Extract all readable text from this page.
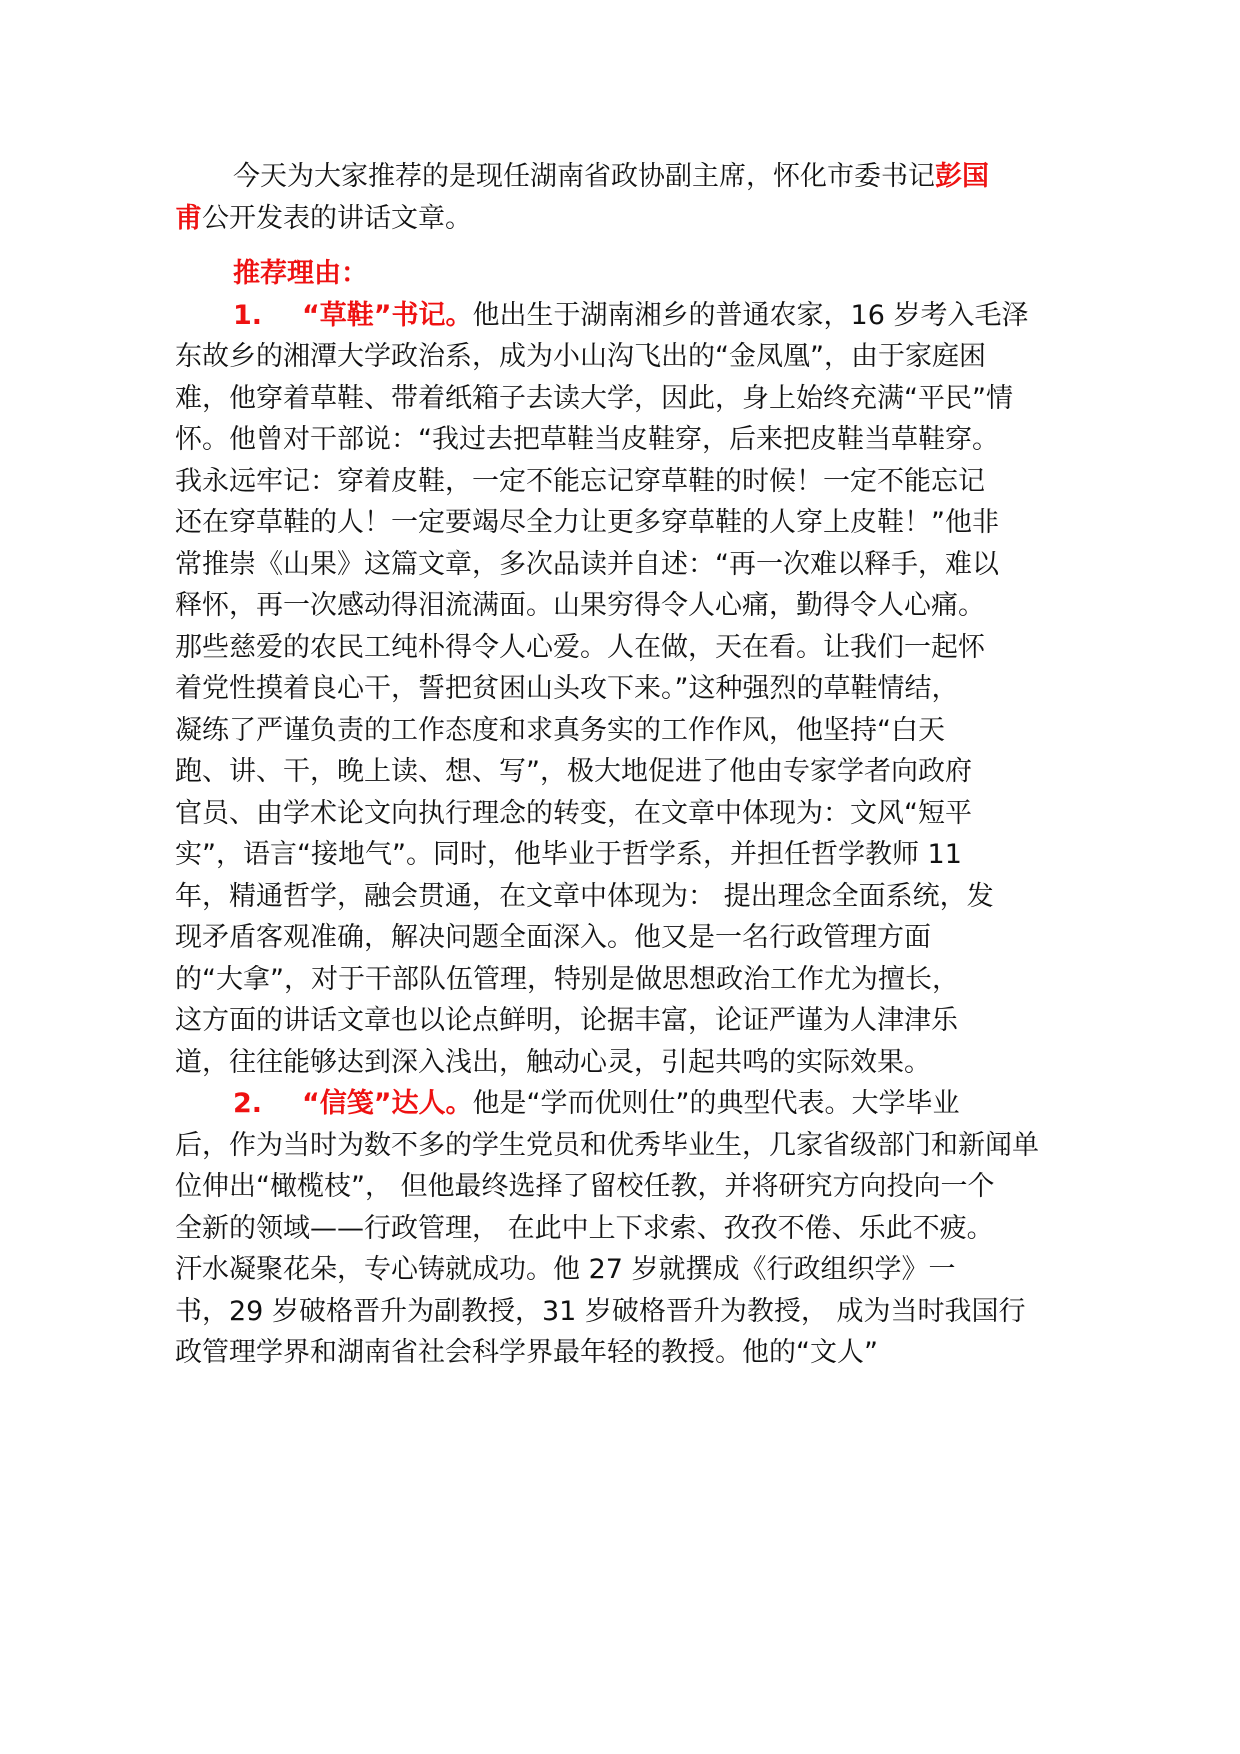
今天为大家推荐的是现任湖南省政协副主席，怀化市委书记彭国
甫公开发表的讲话文章。
推荐理由：
1. “草鞋”书记。他出生于湖南湘乡的普通农家，16 岁考入毛泽
东故乡的湘潭大学政治系，成为小山沟飞出的“金凤凰”，由于家庭困
难，他穿着草鞋、带着纸箱子去读大学，因此，身上始终充满“平民”情
怀。他曾对干部说：“我过去把草鞋当皮鞋穿，后来把皮鞋当草鞋穿。
我永远牢记：穿着皮鞋，一定不能忘记穿草鞋的时候！一定不能忘记
还在穿草鞋的人！一定要竭尽全力让更多穿草鞋的人穿上皮鞋！”他非
常推崇《山果》这篇文章，多次品读并自述：“再一次难以释手，难以
释怀，再一次感动得泪流满面。山果穷得令人心痛，勤得令人心痛。
那些慈爱的农民工纯朴得令人心爱。人在做，天在看。让我们一起怀
着党性摸着良心干，誓把贫困山头攻下来。”这种强烈的草鞋情结，
凝练了严谨负责的工作态度和求真务实的工作作风，他坚持“白天
跑、讲、干，晚上读、想、写”，极大地促进了他由专家学者向政府
官员、由学术论文向执行理念的转变，在文章中体现为：文风“短平
实”，语言“接地气”。同时，他毕业于哲学系，并担任哲学教师 11
年，精通哲学，融会贯通，在文章中体现为： 提出理念全面系统，发
现矛盾客观准确，解决问题全面深入。他又是一名行政管理方面
的“大拿”，对于干部队伍管理，特别是做思想政治工作尤为擅长，
这方面的讲话文章也以论点鲜明，论据丰富，论证严谨为人津津乐
道，往往能够达到深入浅出，触动心灵，引起共鸣的实际效果。
2. “信笺”达人。他是“学而优则仕”的典型代表。大学毕业
后，作为当时为数不多的学生党员和优秀毕业生，几家省级部门和新闻单
位伸出“橄榄枝”， 但他最终选择了留校任教，并将研究方向投向一个
全新的领域——行政管理， 在此中上下求索、孜孜不倦、乐此不疲。
汗水凝聚花朵，专心铸就成功。他 27 岁就撰成《行政组织学》一
书，29 岁破格晋升为副教授，31 岁破格晋升为教授， 成为当时我国行
政管理学界和湖南省社会科学界最年轻的教授。他的“文人”
